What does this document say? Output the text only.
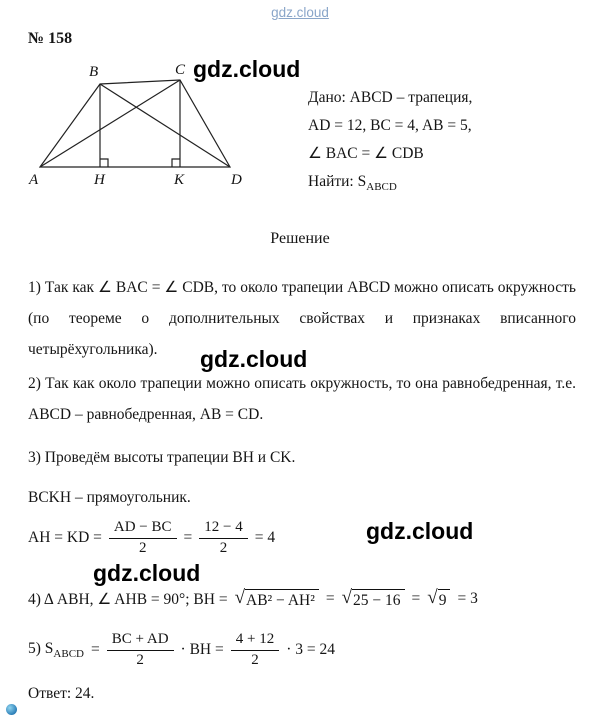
gdz.cloud
№ 158
gdz.cloud
gdz.cloud
gdz.cloud
gdz.cloud
A
B	C
D
H	K
Дано: ABCD – трапеция,
AD = 12, BC = 4, AB = 5,
∠ BAC = ∠ CDB
Найти: $S_{ABCD}$
Решение
1) Так как ∠ BAC = ∠ CDB, то около трапеции ABCD можно описать окружность (по теореме о дополнительных свойствах и признаках вписанного четырёхугольника).
2) Так как около трапеции можно описать окружность, то она равнобедренная, т.е. ABCD – равнобедренная, AB = CD.
3) Проведём высоты трапеции BH и CK.
BCKH – прямоугольник.
AH = KD = $\frac{AD - BC}{2} = \frac{12 - 4}{2} = 4$
4) Δ ABH, ∠ AHB = 90°; BH = √ AB² − AH² = √ 25 − 16 = √ 9 = 3
5) $S_{ABCD} = \frac{BC + AD}{2}$ · BH = $\frac{4 + 12}{2} \cdot 3 = 24$
Ответ: 24.
